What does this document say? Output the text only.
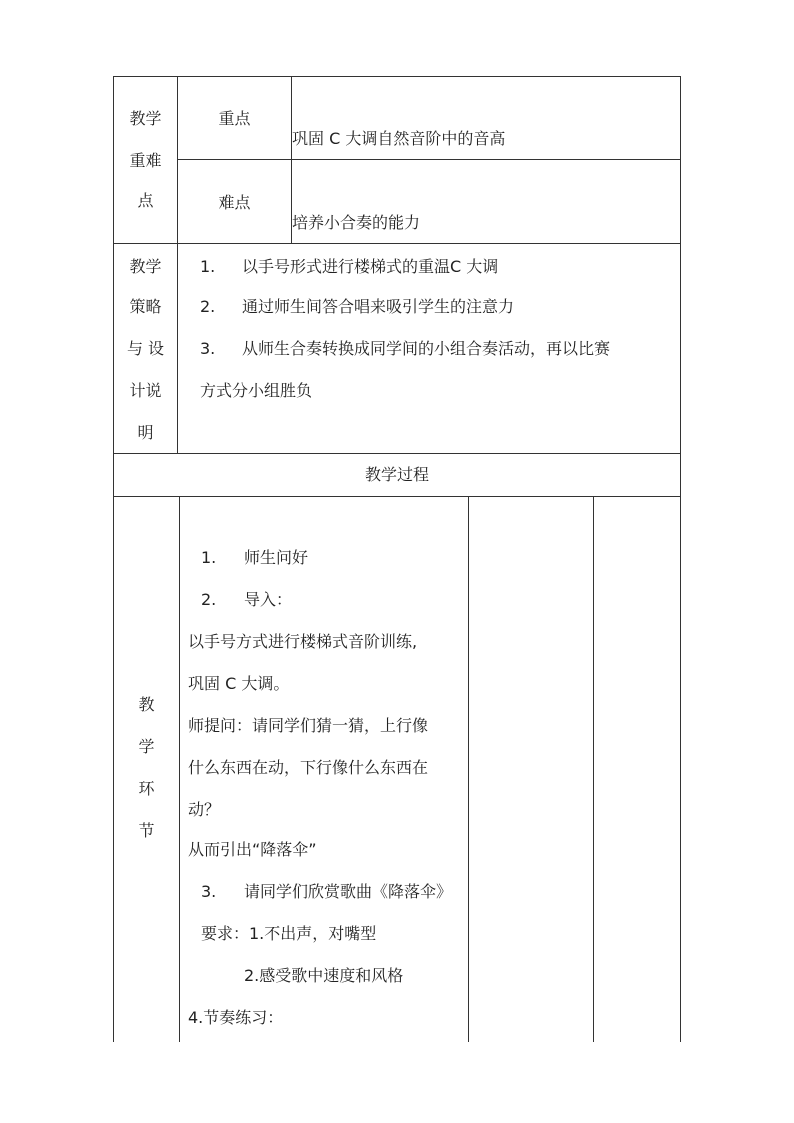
教学
重难
点
重点
巩固 C 大调自然音阶中的音高
难点
培养小合奏的能力
教学
策略
与 设
计说
明
1. 以手号形式进行楼梯式的重温C 大调
2. 通过师生间答合唱来吸引学生的注意力
3. 从师生合奏转换成同学间的小组合奏活动，再以比赛
方式分小组胜负
教学过程
教
学
环
节
1. 师生问好
2. 导入：
以手号方式进行楼梯式音阶训练,
巩固 C 大调。
师提问：请同学们猜一猜，上行像
什么东西在动，下行像什么东西在
动？
从而引出“降落伞”
3. 请同学们欣赏歌曲《降落伞》
要求：1.不出声，对嘴型
2.感受歌中速度和风格
4.节奏练习：
